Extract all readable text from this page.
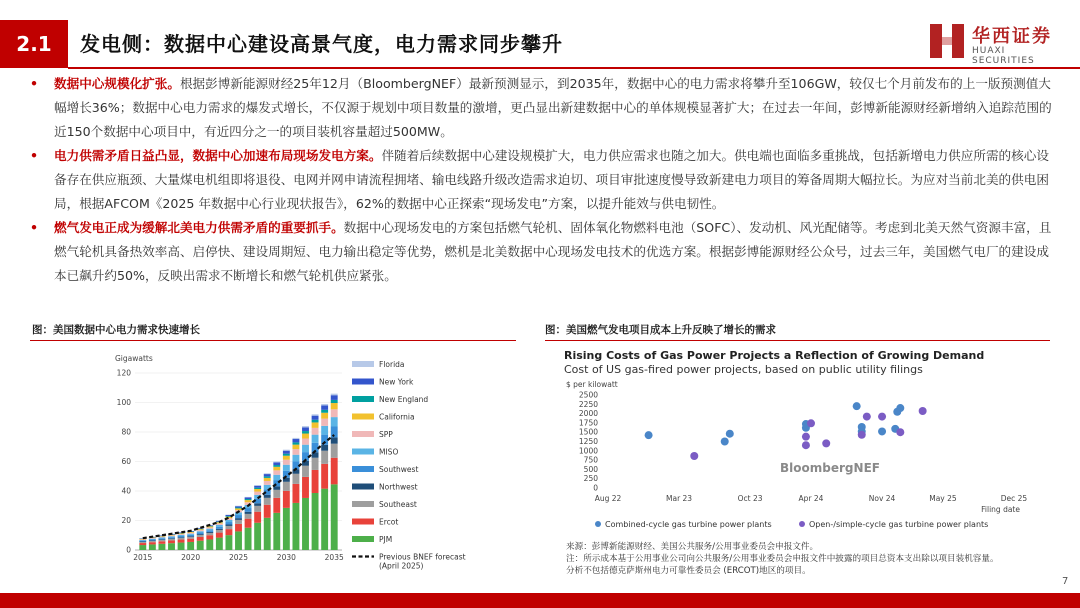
2.1	发电侧：数据中心建设高景气度，电力需求同步攀升	华西证券
HUAXI SECURITIES
• 数据中心规模化扩张。根据彭博新能源财经25年12月（BloombergNEF）最新预测显示，到2035年，数据中心的电力需求将攀升至106GW，较仅七个月前发布的上一版预测值大幅增长36%；数据中心电力需求的爆发式增长，不仅源于规划中项目数量的激增，更凸显出新建数据中心的单体规模显著扩大；在过去一年间，彭博新能源财经新增纳入追踪范围的近150个数据中心项目中，有近四分之一的项目装机容量超过500MW。
• 电力供需矛盾日益凸显，数据中心加速布局现场发电方案。伴随着后续数据中心建设规模扩大，电力供应需求也随之加大。供电端也面临多重挑战，包括新增电力供应所需的核心设备存在供应瓶颈、大量煤电机组即将退役、电网并网申请流程拥堵、输电线路升级改造需求迫切、项目审批速度慢导致新建电力项目的筹备周期大幅拉长。为应对当前北美的供电困局，根据AFCOM《2025 年数据中心行业现状报告》，62%的数据中心正探索“现场发电”方案，以提升能效与供电韧性。
• 燃气发电正成为缓解北美电力供需矛盾的重要抓手。数据中心现场发电的方案包括燃气轮机、固体氧化物燃料电池（SOFC）、发动机、风光配储等。考虑到北美天然气资源丰富，且燃气轮机具备热效率高、启停快、建设周期短、电力输出稳定等优势，燃机是北美数据中心现场发电技术的优选方案。根据彭博能源财经公众号，过去三年，美国燃气电厂的建设成本已飙升约50%，反映出需求不断增长和燃气轮机供应紧张。
图：美国数据中心电力需求快速增长	图：美国燃气发电项目成本上升反映了增长的需求
Gigawatts
0
20
40
60
80
100
120
2015	2020	2025	2030	2035
Florida
New York
New England
California
SPP
MISO
Southwest
Northwest
Southeast
Ercot
PJM
Previous BNEF forecast
(April 2025)
Rising Costs of Gas Power Projects a Reflection of Growing Demand
Cost of US gas-fired power projects, based on public utility filings
$ per kilowatt
0
250
500
750
1000
1250
1500
1750
2000
2250
2500
BloombergNEF
Aug 22	Mar 23	Oct 23	Apr 24	Nov 24	May 25	Dec 25
Filing date
Combined-cycle gas turbine power plants	Open-/simple-cycle gas turbine power plants
来源：彭博新能源财经、美国公共服务/公用事业委员会申报文件。
注：所示成本基于公用事业公司向公共服务/公用事业委员会申报文件中披露的项目总资本支出除以项目装机容量。
分析不包括德克萨斯州电力可靠性委员会 (ERCOT)地区的项目。
7
